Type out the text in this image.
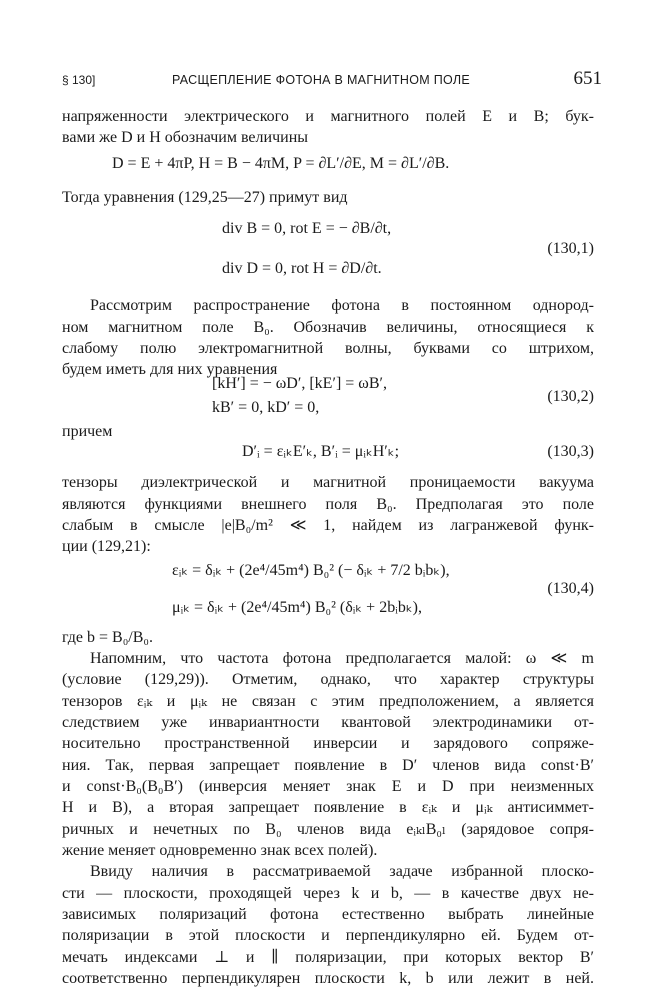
§ 130]	РАСЩЕПЛЕНИЕ ФОТОНА В МАГНИТНОМ ПОЛЕ	651
напряженности электрического и магнитного полей E и B; бук-
вами же D и H обозначим величины
D = E + 4πP, H = B − 4πM, P = ∂L′/∂E, M = ∂L′/∂B.
Тогда уравнения (129,25—27) примут вид
div B = 0, rot E = − ∂B/∂t,
div D = 0, rot H = ∂D/∂t.
(130,1)
Рассмотрим распространение фотона в постоянном однород-
ном магнитном поле B₀. Обозначив величины, относящиеся к
слабому полю электромагнитной волны, буквами со штрихом,
будем иметь для них уравнения
[kH′] = − ωD′, [kE′] = ωB′,
kB′ = 0, kD′ = 0,
(130,2)
причем
D′ᵢ = εᵢₖE′ₖ, B′ᵢ = μᵢₖH′ₖ;	(130,3)
тензоры диэлектрической и магнитной проницаемости вакуума
являются функциями внешнего поля B₀. Предполагая это поле
слабым в смысле |e|B₀/m² ≪ 1, найдем из лагранжевой функ-
ции (129,21):
εᵢₖ = δᵢₖ + (2e⁴/45m⁴) B₀² (− δᵢₖ + 7/2 bᵢbₖ),
μᵢₖ = δᵢₖ + (2e⁴/45m⁴) B₀² (δᵢₖ + 2bᵢbₖ),
(130,4)
где b = B₀/B₀.
Напомним, что частота фотона предполагается малой: ω ≪ m
(условие (129,29)). Отметим, однако, что характер структуры
тензоров εᵢₖ и μᵢₖ не связан с этим предположением, а является
следствием уже инвариантности квантовой электродинамики от-
носительно пространственной инверсии и зарядового сопряже-
ния. Так, первая запрещает появление в D′ членов вида const·B′
и const·B₀(B₀B′) (инверсия меняет знак E и D при неизменных
H и B), а вторая запрещает появление в εᵢₖ и μᵢₖ антисиммет-
ричных и нечетных по B₀ членов вида eᵢₖₗB₀ₗ (зарядовое сопря-
жение меняет одновременно знак всех полей).
Ввиду наличия в рассматриваемой задаче избранной плоско-
сти — плоскости, проходящей через k и b, — в качестве двух не-
зависимых поляризаций фотона естественно выбрать линейные
поляризации в этой плоскости и перпендикулярно ей. Будем от-
мечать индексами ⊥ и ∥ поляризации, при которых вектор B′
соответственно перпендикулярен плоскости k, b или лежит в ней.
